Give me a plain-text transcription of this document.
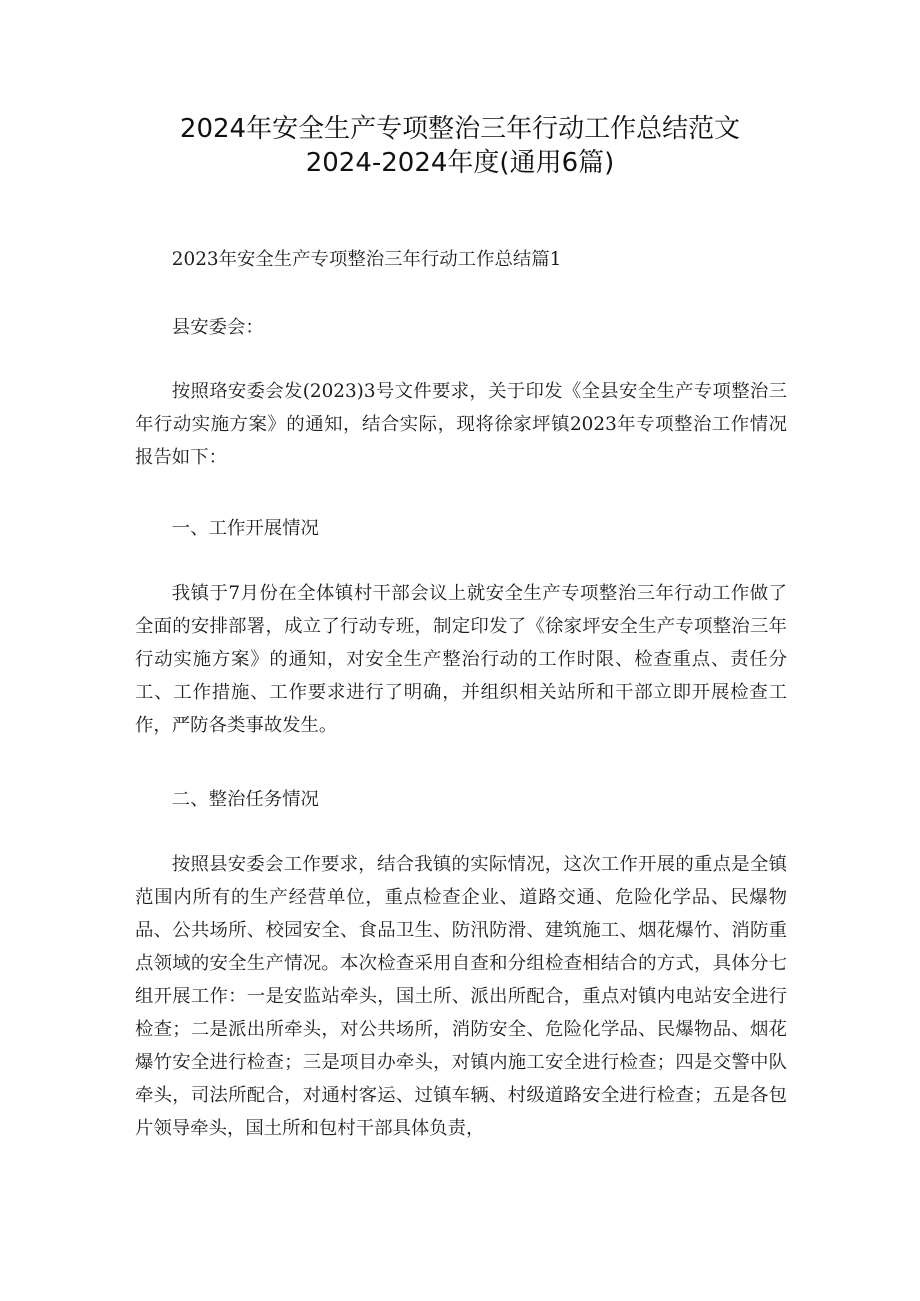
2024年安全生产专项整治三年行动工作总结范文
2024-2024年度(通用6篇)

2023年安全生产专项整治三年行动工作总结篇1

县安委会：

按照珞安委会发(2023)3号文件要求，关于印发《全县安全生产专项整治三年行动实施方案》的通知，结合实际，现将徐家坪镇2023年专项整治工作情况报告如下：

一、工作开展情况

我镇于7月份在全体镇村干部会议上就安全生产专项整治三年行动工作做了全面的安排部署，成立了行动专班，制定印发了《徐家坪安全生产专项整治三年行动实施方案》的通知，对安全生产整治行动的工作时限、检查重点、责任分工、工作措施、工作要求进行了明确，并组织相关站所和干部立即开展检查工作，严防各类事故发生。

二、整治任务情况

按照县安委会工作要求，结合我镇的实际情况，这次工作开展的重点是全镇范围内所有的生产经营单位，重点检查企业、道路交通、危险化学品、民爆物品、公共场所、校园安全、食品卫生、防汛防滑、建筑施工、烟花爆竹、消防重点领域的安全生产情况。本次检查采用自查和分组检查相结合的方式，具体分七组开展工作：一是安监站牵头，国土所、派出所配合，重点对镇内电站安全进行检查；二是派出所牵头，对公共场所，消防安全、危险化学品、民爆物品、烟花爆竹安全进行检查；三是项目办牵头，对镇内施工安全进行检查；四是交警中队牵头，司法所配合，对通村客运、过镇车辆、村级道路安全进行检查；五是各包片领导牵头，国土所和包村干部具体负责，
